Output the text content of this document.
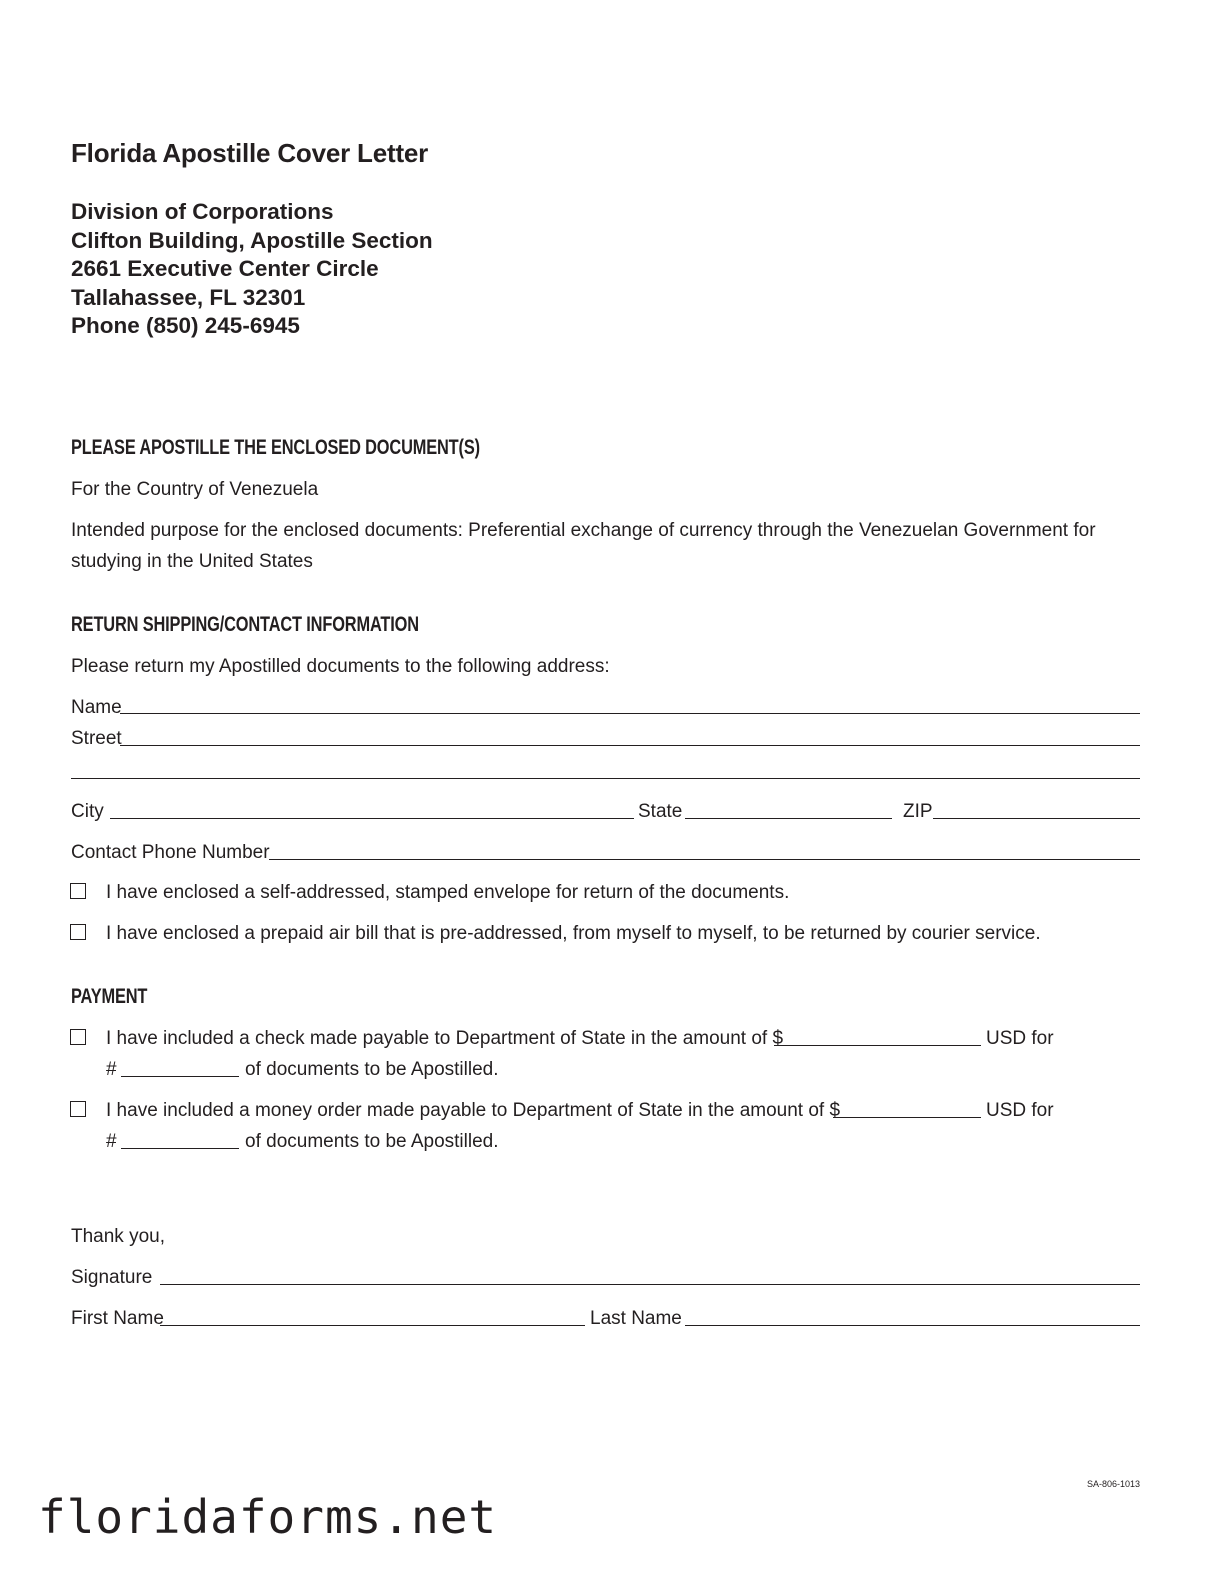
Florida Apostille Cover Letter
Division of Corporations
Clifton Building, Apostille Section
2661 Executive Center Circle
Tallahassee, FL 32301
Phone (850) 245-6945
PLEASE APOSTILLE THE ENCLOSED DOCUMENT(S)
For the Country of Venezuela
Intended purpose for the enclosed documents: Preferential exchange of currency through the Venezuelan Government for
studying in the United States
RETURN SHIPPING/CONTACT INFORMATION
Please return my Apostilled documents to the following address:
Name
Street
City	State	ZIP
Contact Phone Number
I have enclosed a self-addressed, stamped envelope for return of the documents.
I have enclosed a prepaid air bill that is pre-addressed, from myself to myself, to be returned by courier service.
PAYMENT
I have included a check made payable to Department of State in the amount of $	USD for
#	of documents to be Apostilled.
I have included a money order made payable to Department of State in the amount of $	USD for
#	of documents to be Apostilled.
Thank you,
Signature
First Name	Last Name
SA-806-1013
floridaforms.net
